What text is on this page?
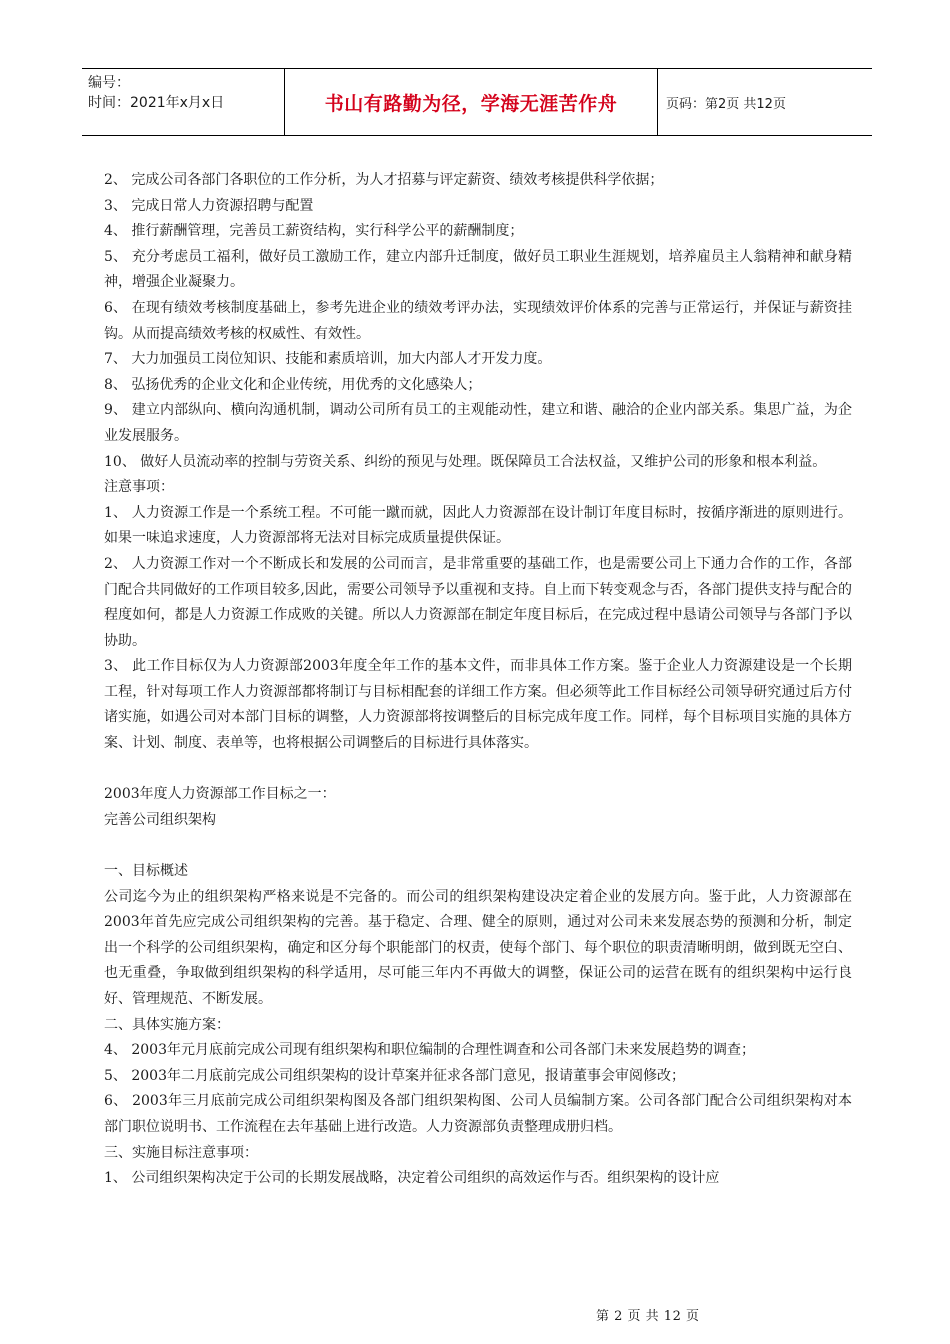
编号：
时间：2021年x月x日	书山有路勤为径，学海无涯苦作舟	页码：第2页 共12页

2、 完成公司各部门各职位的工作分析，为人才招募与评定薪资、绩效考核提供科学依据；

3、 完成日常人力资源招聘与配置

4、 推行薪酬管理，完善员工薪资结构，实行科学公平的薪酬制度；

5、 充分考虑员工福利，做好员工激励工作，建立内部升迁制度，做好员工职业生涯规划，培养雇员主人翁精神和献身精神，增强企业凝聚力。

6、 在现有绩效考核制度基础上，参考先进企业的绩效考评办法，实现绩效评价体系的完善与正常运行，并保证与薪资挂钩。从而提高绩效考核的权威性、有效性。

7、 大力加强员工岗位知识、技能和素质培训，加大内部人才开发力度。

8、 弘扬优秀的企业文化和企业传统，用优秀的文化感染人；

9、 建立内部纵向、横向沟通机制，调动公司所有员工的主观能动性，建立和谐、融洽的企业内部关系。集思广益，为企业发展服务。

10、 做好人员流动率的控制与劳资关系、纠纷的预见与处理。既保障员工合法权益，又维护公司的形象和根本利益。

注意事项：

1、 人力资源工作是一个系统工程。不可能一蹴而就，因此人力资源部在设计制订年度目标时，按循序渐进的原则进行。如果一味追求速度，人力资源部将无法对目标完成质量提供保证。

2、 人力资源工作对一个不断成长和发展的公司而言，是非常重要的基础工作，也是需要公司上下通力合作的工作，各部门配合共同做好的工作项目较多,因此，需要公司领导予以重视和支持。自上而下转变观念与否，各部门提供支持与配合的程度如何，都是人力资源工作成败的关键。所以人力资源部在制定年度目标后，在完成过程中恳请公司领导与各部门予以协助。

3、 此工作目标仅为人力资源部2003年度全年工作的基本文件，而非具体工作方案。鉴于企业人力资源建设是一个长期工程，针对每项工作人力资源部都将制订与目标相配套的详细工作方案。但必须等此工作目标经公司领导研究通过后方付诸实施，如遇公司对本部门目标的调整，人力资源部将按调整后的目标完成年度工作。同样，每个目标项目实施的具体方案、计划、制度、表单等，也将根据公司调整后的目标进行具体落实。

2003年度人力资源部工作目标之一：

完善公司组织架构

一、目标概述

公司迄今为止的组织架构严格来说是不完备的。而公司的组织架构建设决定着企业的发展方向。鉴于此，人力资源部在2003年首先应完成公司组织架构的完善。基于稳定、合理、健全的原则，通过对公司未来发展态势的预测和分析，制定出一个科学的公司组织架构，确定和区分每个职能部门的权责，使每个部门、每个职位的职责清晰明朗，做到既无空白、也无重叠，争取做到组织架构的科学适用，尽可能三年内不再做大的调整，保证公司的运营在既有的组织架构中运行良好、管理规范、不断发展。

二、具体实施方案：

4、 2003年元月底前完成公司现有组织架构和职位编制的合理性调查和公司各部门未来发展趋势的调查；

5、 2003年二月底前完成公司组织架构的设计草案并征求各部门意见，报请董事会审阅修改；

6、 2003年三月底前完成公司组织架构图及各部门组织架构图、公司人员编制方案。公司各部门配合公司组织架构对本部门职位说明书、工作流程在去年基础上进行改造。人力资源部负责整理成册归档。

三、实施目标注意事项：

1、 公司组织架构决定于公司的长期发展战略，决定着公司组织的高效运作与否。组织架构的设计应

第 2 页 共 12 页
